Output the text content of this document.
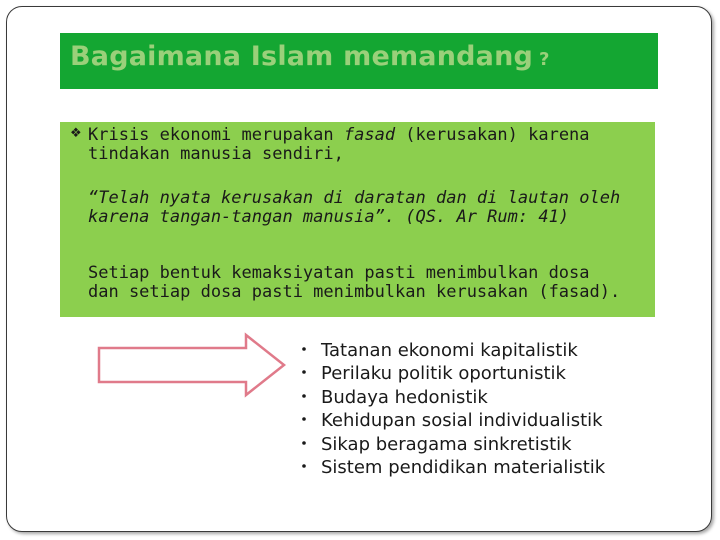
Bagaimana Islam memandang ?
❖ Krisis ekonomi merupakan fasad (kerusakan) karena
tindakan manusia sendiri,

“Telah nyata kerusakan di daratan dan di lautan oleh
karena tangan-tangan manusia”. (QS. Ar Rum: 41)

Setiap bentuk kemaksiyatan pasti menimbulkan dosa
dan setiap dosa pasti menimbulkan kerusakan (fasad).

Tatanan ekonomi kapitalistik
Perilaku politik oportunistik
Budaya hedonistik
Kehidupan sosial individualistik
Sikap beragama sinkretistik
Sistem pendidikan materialistik
